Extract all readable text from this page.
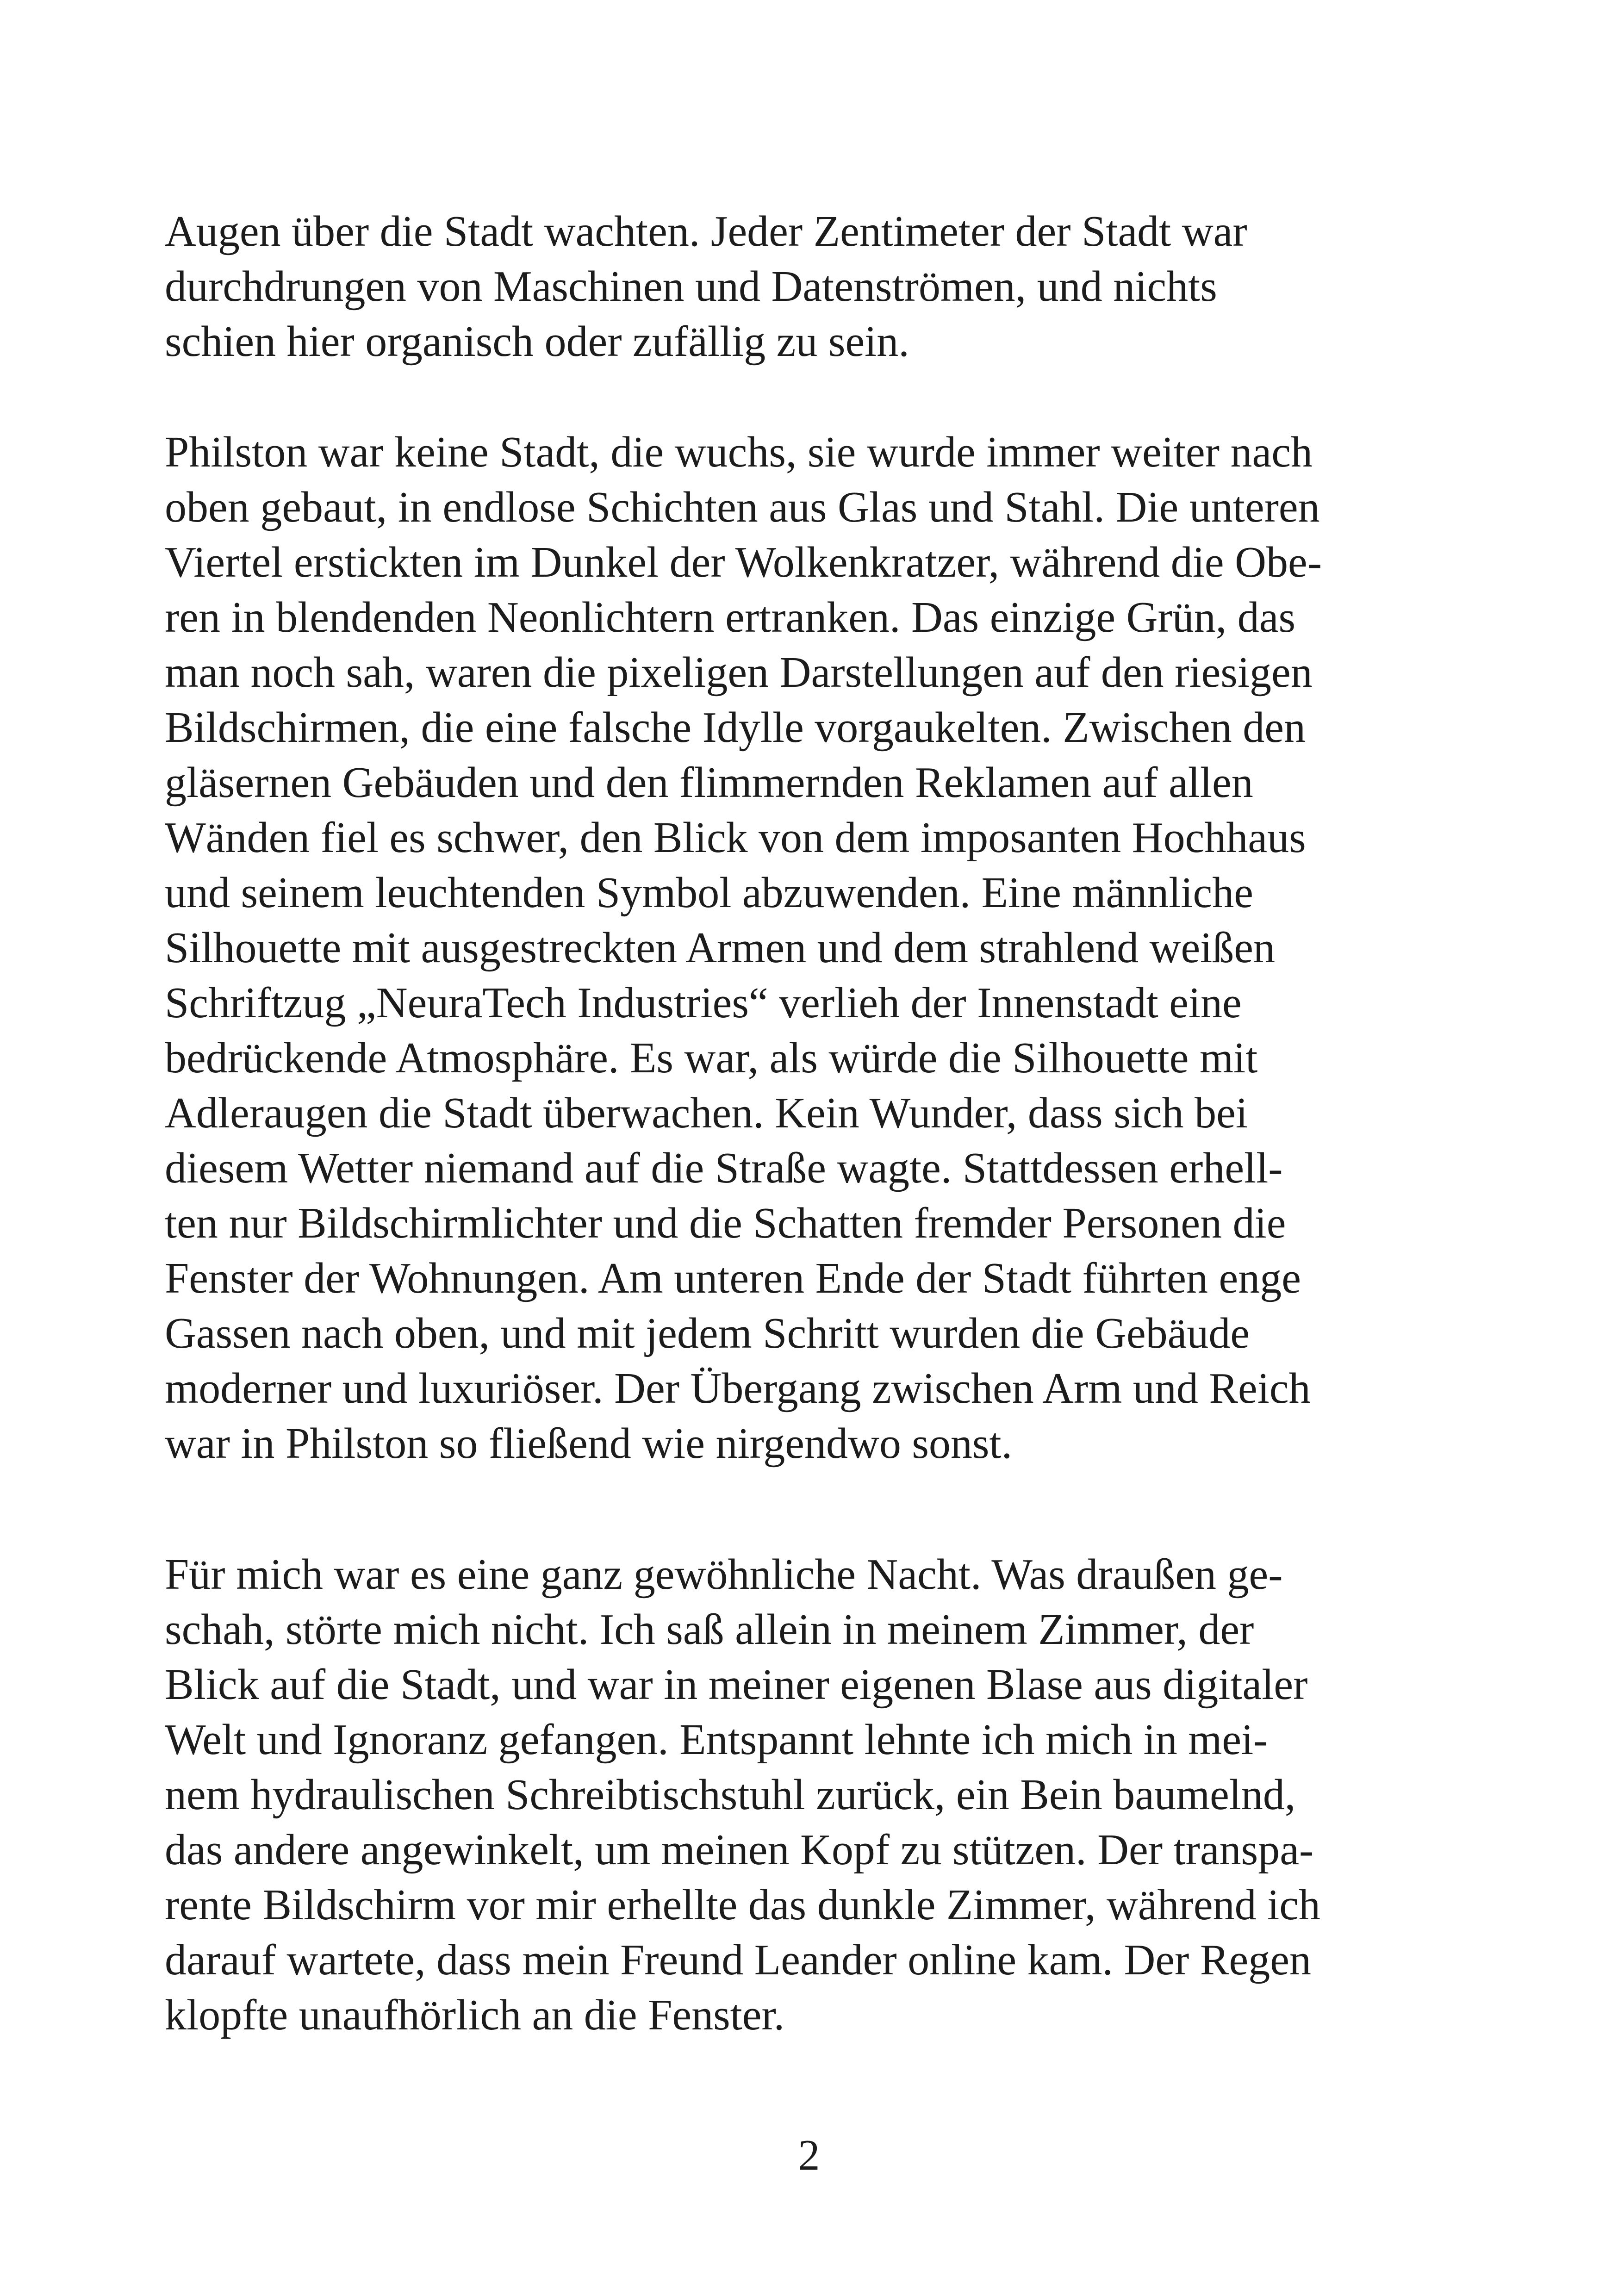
Augen über die Stadt wachten. Jeder Zentimeter der Stadt war
durchdrungen von Maschinen und Datenströmen, und nichts
schien hier organisch oder zufällig zu sein.
Philston war keine Stadt, die wuchs, sie wurde immer weiter nach
oben gebaut, in endlose Schichten aus Glas und Stahl. Die unteren
Viertel erstickten im Dunkel der Wolkenkratzer, während die Obe-
ren in blendenden Neonlichtern ertranken. Das einzige Grün, das
man noch sah, waren die pixeligen Darstellungen auf den riesigen
Bildschirmen, die eine falsche Idylle vorgaukelten. Zwischen den
gläsernen Gebäuden und den flimmernden Reklamen auf allen
Wänden fiel es schwer, den Blick von dem imposanten Hochhaus
und seinem leuchtenden Symbol abzuwenden. Eine männliche
Silhouette mit ausgestreckten Armen und dem strahlend weißen
Schriftzug „NeuraTech Industries“ verlieh der Innenstadt eine
bedrückende Atmosphäre. Es war, als würde die Silhouette mit
Adleraugen die Stadt überwachen. Kein Wunder, dass sich bei
diesem Wetter niemand auf die Straße wagte. Stattdessen erhell-
ten nur Bildschirmlichter und die Schatten fremder Personen die
Fenster der Wohnungen. Am unteren Ende der Stadt führten enge
Gassen nach oben, und mit jedem Schritt wurden die Gebäude
moderner und luxuriöser. Der Übergang zwischen Arm und Reich
war in Philston so fließend wie nirgendwo sonst.
Für mich war es eine ganz gewöhnliche Nacht. Was draußen ge-
schah, störte mich nicht. Ich saß allein in meinem Zimmer, der
Blick auf die Stadt, und war in meiner eigenen Blase aus digitaler
Welt und Ignoranz gefangen. Entspannt lehnte ich mich in mei-
nem hydraulischen Schreibtischstuhl zurück, ein Bein baumelnd,
das andere angewinkelt, um meinen Kopf zu stützen. Der transpa-
rente Bildschirm vor mir erhellte das dunkle Zimmer, während ich
darauf wartete, dass mein Freund Leander online kam. Der Regen
klopfte unaufhörlich an die Fenster.
2
